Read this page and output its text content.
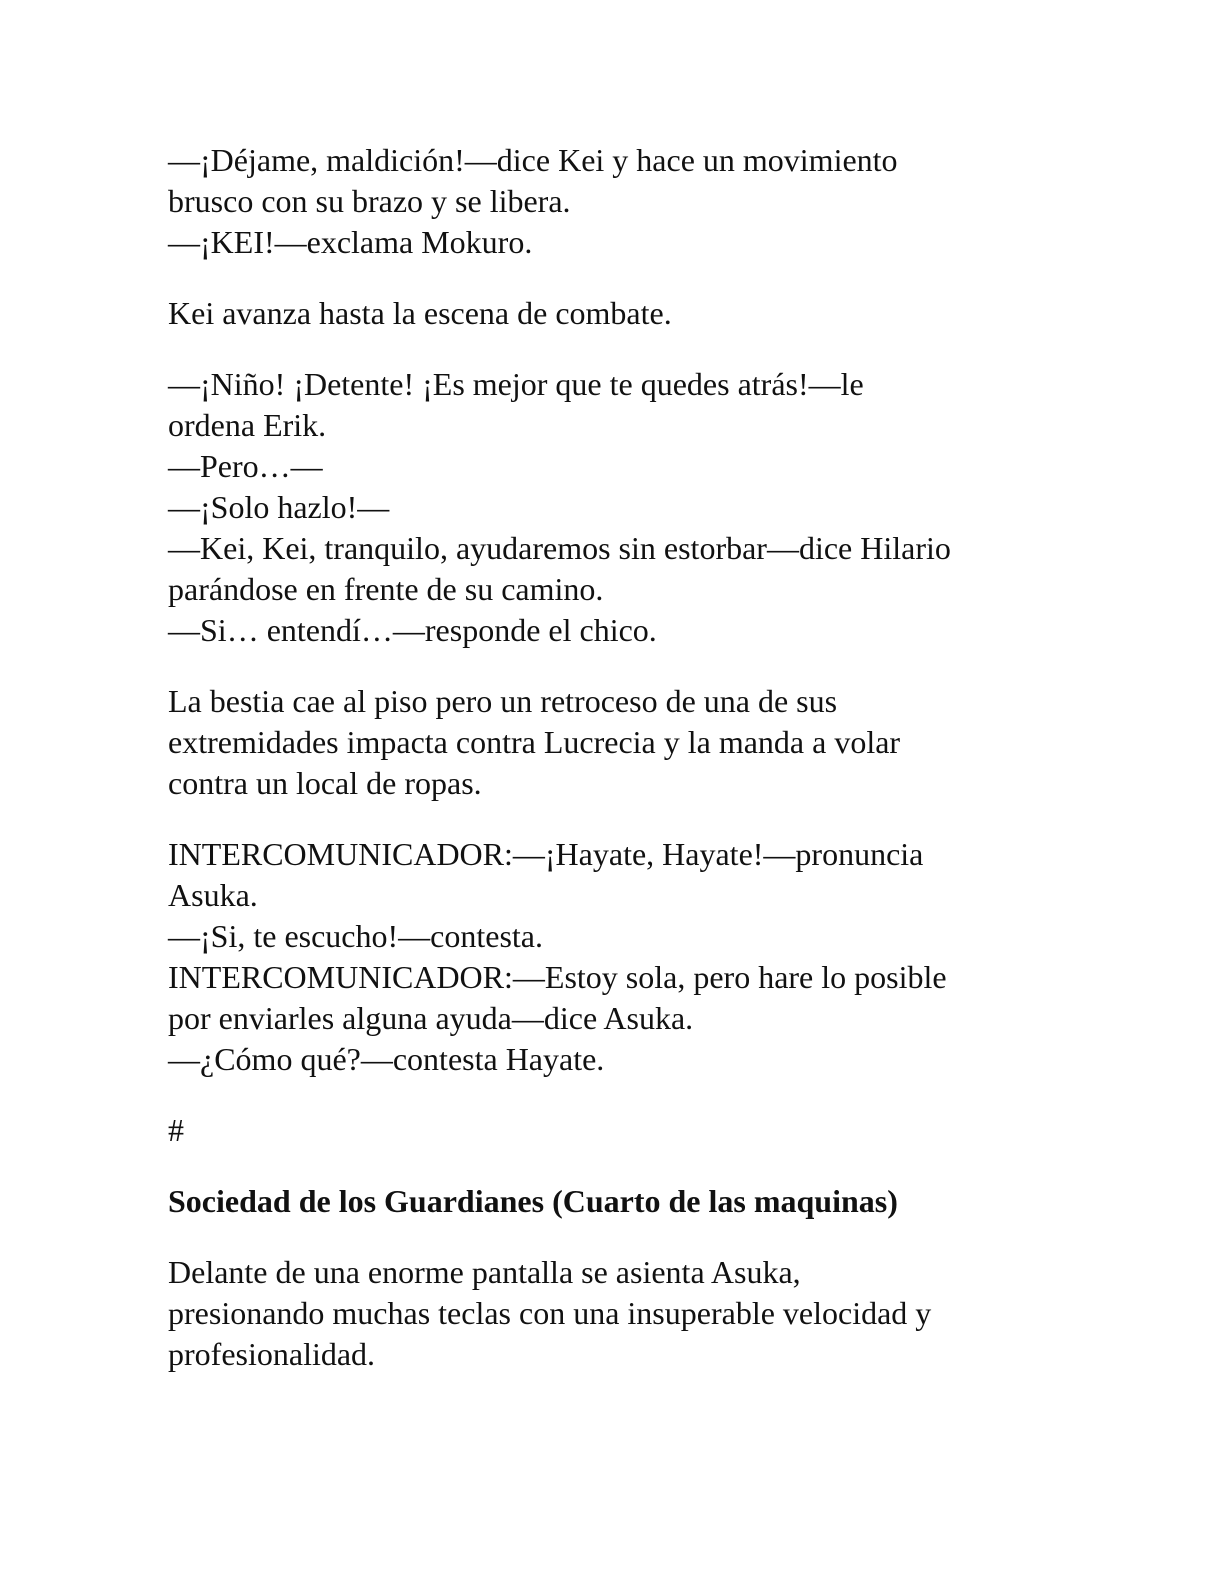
—¡Déjame, maldición!—dice Kei y hace un movimiento
brusco con su brazo y se libera.
—¡KEI!—exclama Mokuro.

Kei avanza hasta la escena de combate.

—¡Niño! ¡Detente! ¡Es mejor que te quedes atrás!—le
ordena Erik.
—Pero…—
—¡Solo hazlo!—
—Kei, Kei, tranquilo, ayudaremos sin estorbar—dice Hilario
parándose en frente de su camino.
—Si… entendí…—responde el chico.

La bestia cae al piso pero un retroceso de una de sus
extremidades impacta contra Lucrecia y la manda a volar
contra un local de ropas.

INTERCOMUNICADOR:—¡Hayate, Hayate!—pronuncia
Asuka.
—¡Si, te escucho!—contesta.
INTERCOMUNICADOR:—Estoy sola, pero hare lo posible
por enviarles alguna ayuda—dice Asuka.
—¿Cómo qué?—contesta Hayate.

#

Sociedad de los Guardianes (Cuarto de las maquinas)

Delante de una enorme pantalla se asienta Asuka,
presionando muchas teclas con una insuperable velocidad y
profesionalidad.
